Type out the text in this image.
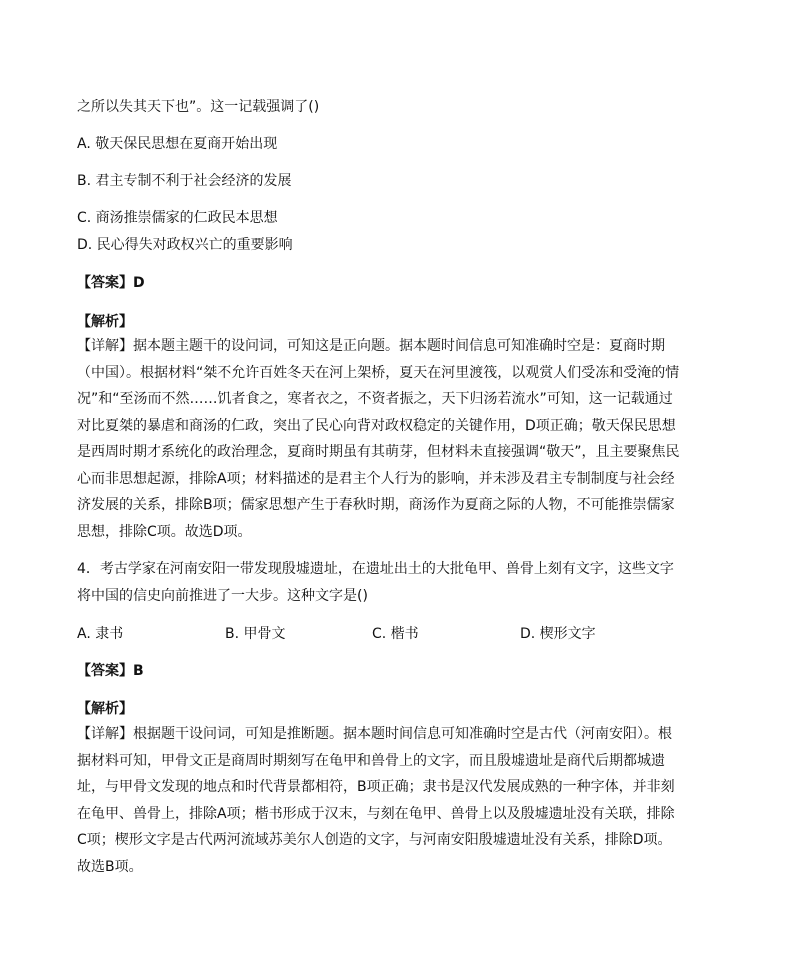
之所以失其天下也”。这一记载强调了()
A. 敬天保民思想在夏商开始出现
B. 君主专制不利于社会经济的发展
C. 商汤推崇儒家的仁政民本思想
D. 民心得失对政权兴亡的重要影响
【答案】D
【解析】

【详解】据本题主题干的设问词，可知这是正向题。据本题时间信息可知准确时空是：夏商时期（中国）。根据材料“桀不允许百姓冬天在河上架桥，夏天在河里渡筏，以观赏人们受冻和受淹的情况”和“至汤而不然……饥者食之，寒者衣之，不资者振之，天下归汤若流水”可知，这一记载通过对比夏桀的暴虐和商汤的仁政，突出了民心向背对政权稳定的关键作用，D项正确；敬天保民思想是西周时期才系统化的政治理念，夏商时期虽有其萌芽，但材料未直接强调“敬天”，且主要聚焦民心而非思想起源，排除A项；材料描述的是君主个人行为的影响，并未涉及君主专制制度与社会经济发展的关系，排除B项；儒家思想产生于春秋时期，商汤作为夏商之际的人物，不可能推崇儒家思想，排除C项。故选D项。

4．考古学家在河南安阳一带发现殷墟遗址，在遗址出土的大批龟甲、兽骨上刻有文字，这些文字将中国的信史向前推进了一大步。这种文字是()

A. 隶书	B. 甲骨文	C. 楷书	D. 楔形文字
【答案】B
【解析】

【详解】根据题干设问词，可知是推断题。据本题时间信息可知准确时空是古代（河南安阳）。根据材料可知，甲骨文正是商周时期刻写在龟甲和兽骨上的文字，而且殷墟遗址是商代后期都城遗址，与甲骨文发现的地点和时代背景都相符，B项正确；隶书是汉代发展成熟的一种字体，并非刻在龟甲、兽骨上，排除A项；楷书形成于汉末，与刻在龟甲、兽骨上以及殷墟遗址没有关联，排除C项；楔形文字是古代两河流域苏美尔人创造的文字，与河南安阳殷墟遗址没有关系，排除D项。故选B项。
